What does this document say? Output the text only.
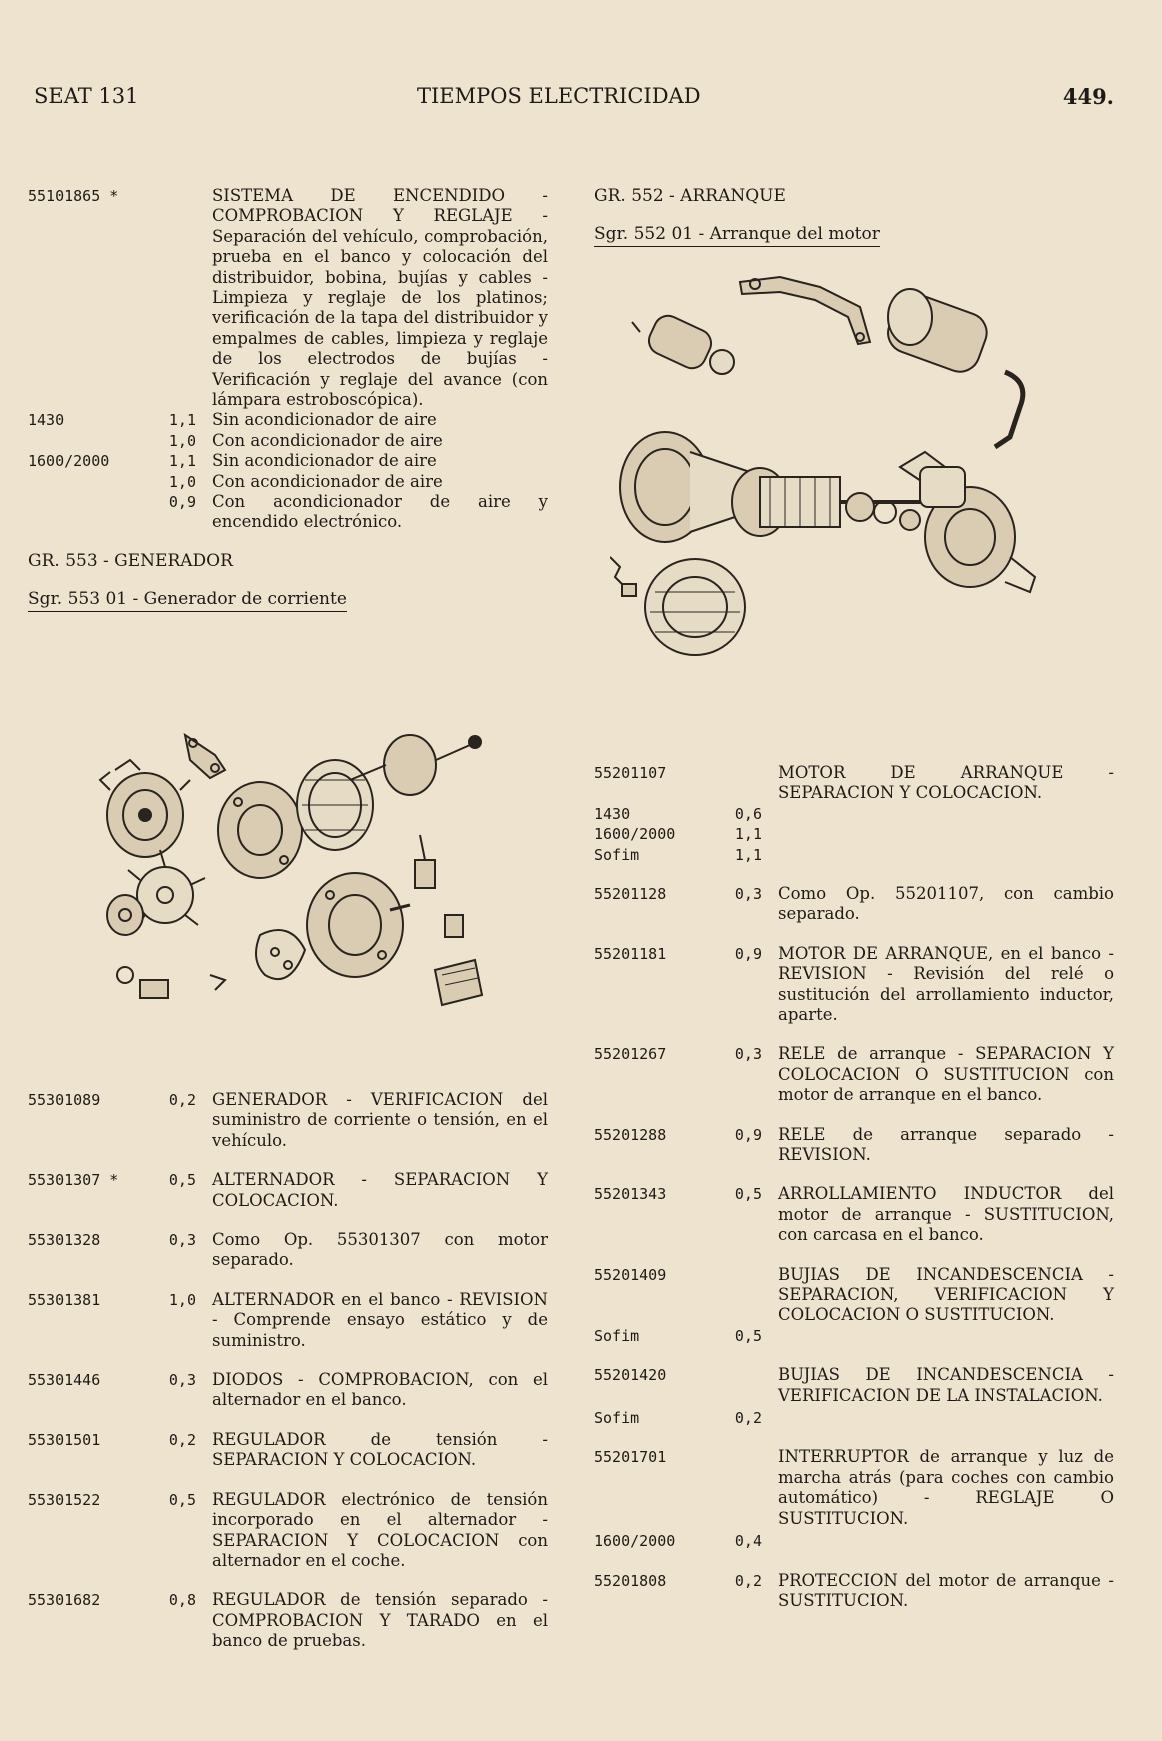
SEAT 131	TIEMPOS ELECTRICIDAD	449.
55101865 *	SISTEMA DE ENCENDIDO - COMPROBACION Y REGLAJE - Separación del vehículo, comprobación, prueba en el banco y colocación del distribuidor, bobina, bujías y cables - Limpieza y reglaje de los platinos; verificación de la tapa del distribuidor y empalmes de cables, limpieza y reglaje de los electrodos de bujías - Verificación y reglaje del avance (con lámpara estroboscópica).
1430	1,1 Sin acondicionador de aire
1,0 Con acondicionador de aire
1600/2000	1,1 Sin acondicionador de aire
1,0 Con acondicionador de aire
0,9 Con acondicionador de aire y encendido electrónico.
GR. 553 - GENERADOR
Sgr. 553 01 - Generador de corriente
55301089	0,2 GENERADOR - VERIFICACION del suministro de corriente o tensión, en el vehículo.
55301307 *	0,5 ALTERNADOR - SEPARACION Y COLOCACION.
55301328	0,3 Como Op. 55301307 con motor separado.
55301381	1,0 ALTERNADOR en el banco - REVISION - Comprende ensayo estático y de suministro.
55301446	0,3 DIODOS - COMPROBACION, con el alternador en el banco.
55301501	0,2 REGULADOR de tensión - SEPARACION Y COLOCACION.
55301522	0,5 REGULADOR electrónico de tensión incorporado en el alternador - SEPARACION Y COLOCACION con alternador en el coche.
55301682	0,8 REGULADOR de tensión separado - COMPROBACION Y TARADO en el banco de pruebas.
GR. 552 - ARRANQUE
Sgr. 552 01 - Arranque del motor
55201107	MOTOR DE ARRANQUE - SEPARACION Y COLOCACION.
1430	0,6
1600/2000	1,1
Sofim	1,1
55201128	0,3 Como Op. 55201107, con cambio separado.
55201181	0,9 MOTOR DE ARRANQUE, en el banco - REVISION - Revisión del relé o sustitución del arrollamiento inductor, aparte.
55201267	0,3 RELE de arranque - SEPARACION Y COLOCACION O SUSTITUCION con motor de arranque en el banco.
55201288	0,9 RELE de arranque separado - REVISION.
55201343	0,5 ARROLLAMIENTO INDUCTOR del motor de arranque - SUSTITUCION, con carcasa en el banco.
55201409	BUJIAS DE INCANDESCENCIA - SEPARACION, VERIFICACION Y COLOCACION O SUSTITUCION.
Sofim	0,5
55201420	BUJIAS DE INCANDESCENCIA - VERIFICACION DE LA INSTALACION.
Sofim	0,2
55201701	INTERRUPTOR de arranque y luz de marcha atrás (para coches con cambio automático) - REGLAJE O SUSTITUCION.
1600/2000	0,4
55201808	0,2 PROTECCION del motor de arranque - SUSTITUCION.
